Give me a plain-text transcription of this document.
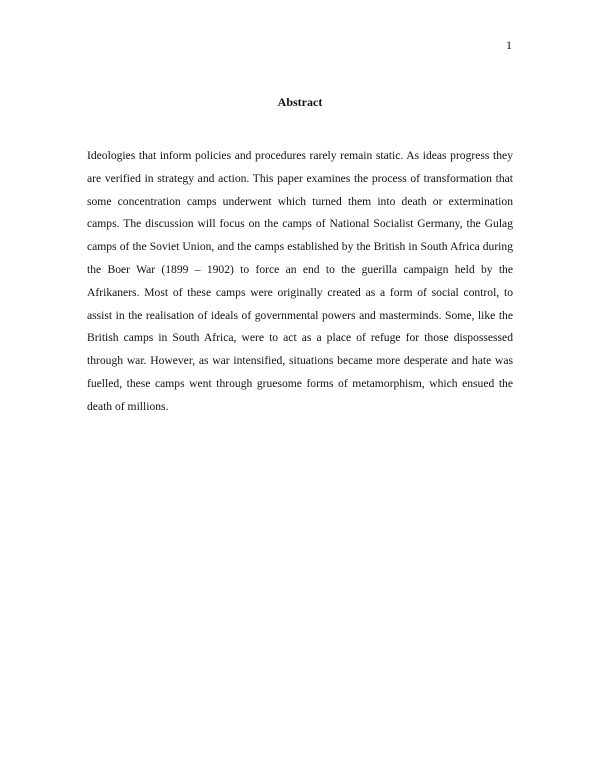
1
Abstract

Ideologies that inform policies and procedures rarely remain static. As ideas progress they are verified in strategy and action. This paper examines the process of transformation that some concentration camps underwent which turned them into death or extermination camps. The discussion will focus on the camps of National Socialist Germany, the Gulag camps of the Soviet Union, and the camps established by the British in South Africa during the Boer War (1899 – 1902) to force an end to the guerilla campaign held by the Afrikaners. Most of these camps were originally created as a form of social control, to assist in the realisation of ideals of governmental powers and masterminds. Some, like the British camps in South Africa, were to act as a place of refuge for those dispossessed through war. However, as war intensified, situations became more desperate and hate was fuelled, these camps went through gruesome forms of metamorphism, which ensued the death of millions.
